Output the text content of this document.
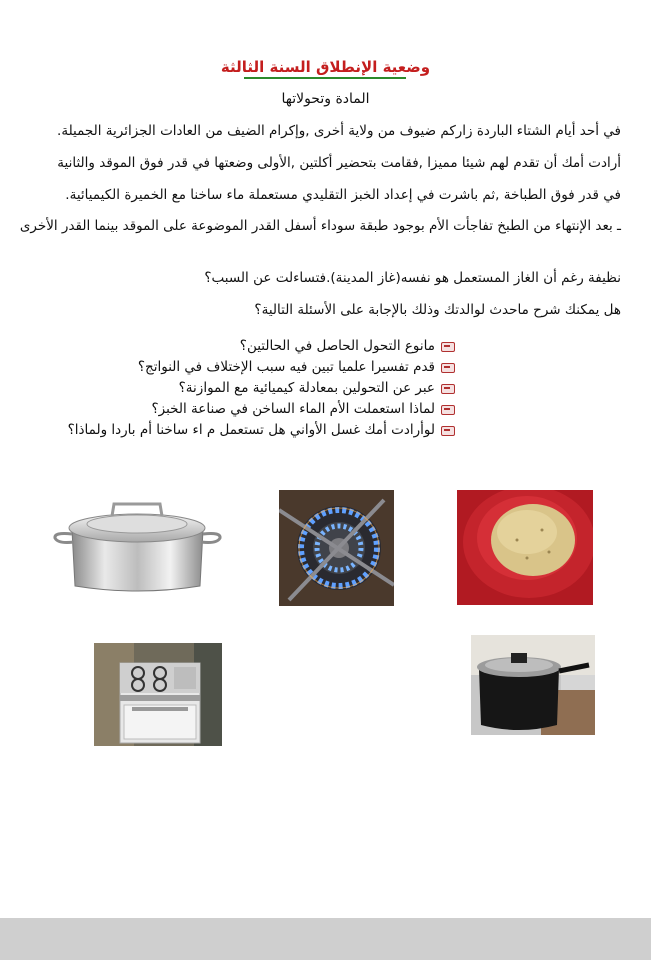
وضعية الإنطلاق السنة الثالثة
المادة وتحولاتها
في أحد أيام الشتاء الباردة زاركم ضيوف من ولاية أخرى ,وإكرام الضيف من العادات الجزائرية الجميلة.
أرادت أمك أن تقدم لهم شيئا مميزا ,فقامت بتحضير أكلتين ,الأولى وضعتها في قدر فوق الموقد والثانية
في قدر فوق الطباخة ,ثم باشرت في إعداد الخبز التقليدي مستعملة ماء ساخنا مع الخميرة الكيميائية.
ـ بعد الإنتهاء من الطبخ تفاجأت الأم بوجود طبقة سوداء أسفل القدر الموضوعة على الموقد بينما القدر الأخرى
نظيفة رغم أن الغاز المستعمل هو نفسه(غاز المدينة).فتساءلت عن السبب؟
هل يمكنك شرح ماحدث لوالدتك وذلك بالإجابة على الأسئلة التالية؟
مانوع التحول الحاصل في الحالتين؟
قدم تفسيرا علميا تبين فيه سبب الإختلاف في النواتج؟
عبر عن التحولين بمعادلة كيميائية مع الموازنة؟
لماذا استعملت الأم الماء الساخن في صناعة الخبز؟
لوأرادت أمك غسل الأواني هل تستعمل م اء ساخنا أم باردا ولماذا؟
